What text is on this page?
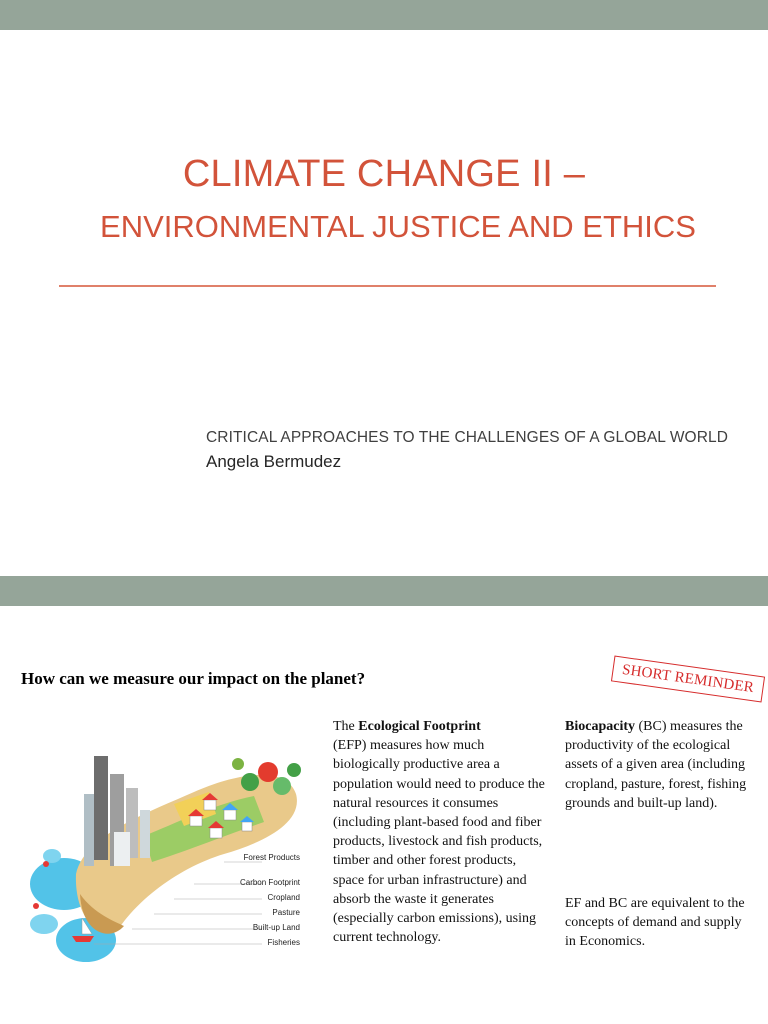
CLIMATE CHANGE II –
ENVIRONMENTAL JUSTICE AND ETHICS
CRITICAL APPROACHES TO THE CHALLENGES OF A GLOBAL WORLD
Angela Bermudez
How can we measure our impact on the planet?	SHORT REMINDER
Forest Products
Carbon Footprint
Cropland
Pasture
Built-up Land
Fisheries
The Ecological Footprint
(EFP) measures how much biologically productive area a population would need to produce the natural resources it consumes (including plant-based food and fiber products, livestock and fish products, timber and other forest products, space for urban infrastructure) and absorb the waste it generates (especially carbon emissions), using current technology.
Biocapacity (BC) measures the productivity of the ecological assets of a given area (including cropland, pasture, forest, fishing grounds and built-up land).
EF and BC are equivalent to the concepts of demand and supply in Economics.
